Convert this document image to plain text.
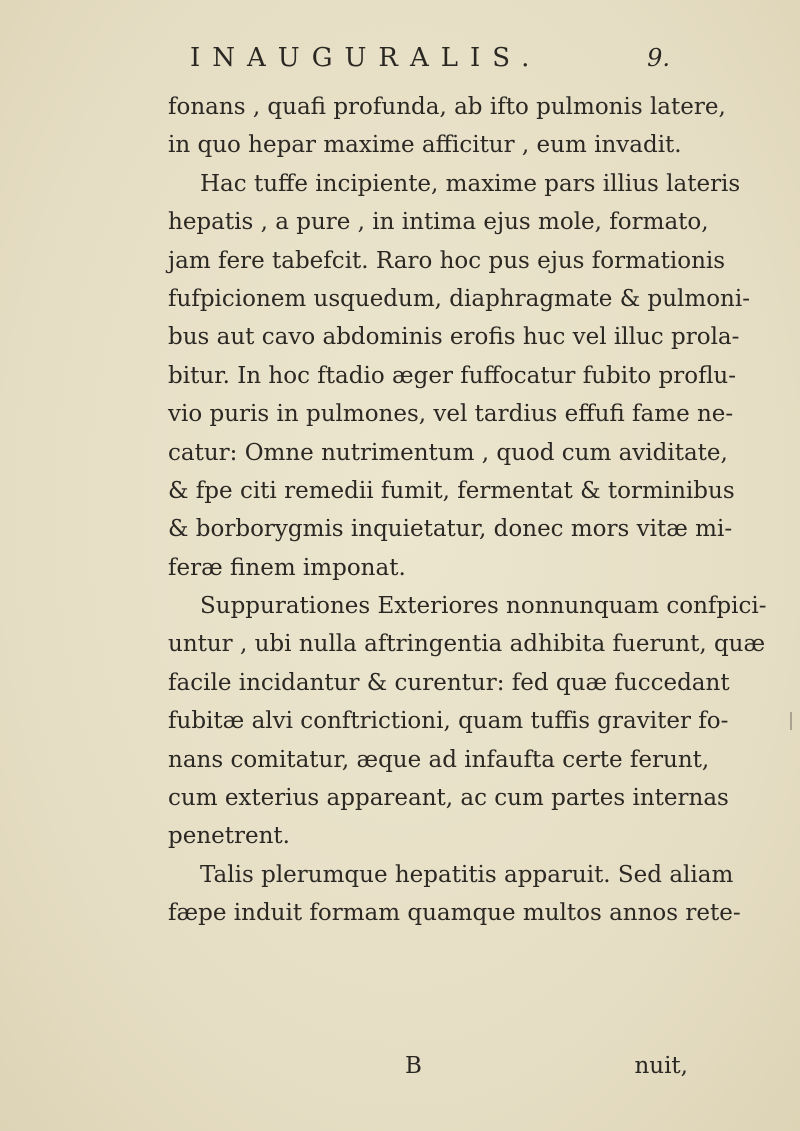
INAUGURALIS.	9.
fonans , quafi profunda, ab ifto pulmonis latere,
in quo hepar maxime afficitur , eum invadit.
Hac tuffe incipiente, maxime pars illius lateris
hepatis , a pure , in intima ejus mole, formato,
jam fere tabefcit. Raro hoc pus ejus formationis
fufpicionem usquedum, diaphragmate & pulmoni-
bus aut cavo abdominis erofis huc vel illuc prola-
bitur. In hoc ftadio æger fuffocatur fubito proflu-
vio puris in pulmones, vel tardius effufi fame ne-
catur: Omne nutrimentum , quod cum aviditate,
& fpe citi remedii fumit, fermentat & torminibus
& borborygmis inquietatur, donec mors vitæ mi-
feræ finem imponat.
Suppurationes Exteriores nonnunquam confpici-
untur , ubi nulla aftringentia adhibita fuerunt, quæ
facile incidantur & curentur: fed quæ fuccedant
fubitæ alvi conftrictioni, quam tuffis graviter fo-
nans comitatur, æque ad infaufta certe ferunt,
cum exterius appareant, ac cum partes internas
penetrent.
Talis plerumque hepatitis apparuit. Sed aliam
fæpe induit formam quamque multos annos retе-
B	nuit,
